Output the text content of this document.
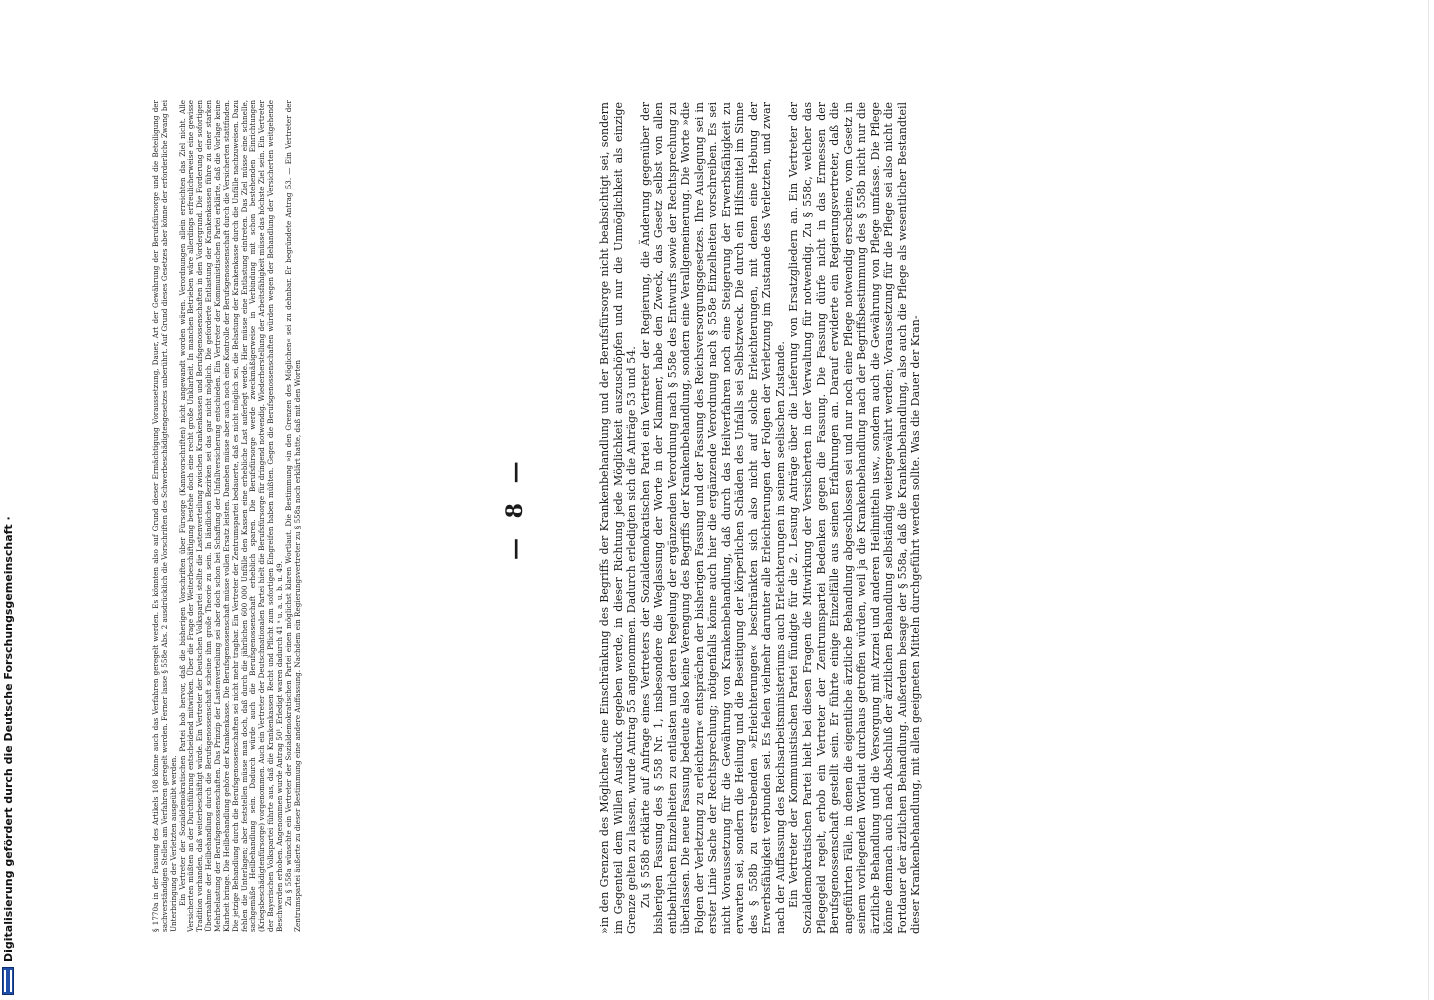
§ 1770a in der Fassung des Artikels 108 könne auch das Verfahren geregelt werden. Es könnten also auf Grund dieser Ermächtigung Voraussetzung, Dauer, Art der Gewährung der Berufsfürsorge und die Beteiligung der sachverständigen Stellen am Verfahren geregelt werden. Ferner lasse § 558e Abs. 2 ausdrücklich die Vorschriften des Schwerbeschädigtengesetzes unberührt. Auf Grund dieses Gesetzes aber könne der erforderliche Zwang bei Unterbringung der Verletzten ausgeübt werden. Ein Vertreter der Sozialdemokratischen Partei hob hervor, daß die bisherigen Vorschriften über Fürsorge (Kannvorschriften) nicht angewandt worden wären. Verordnungen allein erreichten das Ziel nicht. Alle Versicherten müßten an der Durchführung entscheidend mitwirken. Über die Frage der Weiterbeschäftigung bestehe doch eine recht große Unklarheit. In manchen Betrieben wäre allerdings erfreulicherweise eine gewisse Tradition vorhanden, daß weiterbeschäftigt würde. Ein Vertreter der Deutschen Volkspartei stellte die Lastenverteilung zwischen Krankenkassen und Berufsgenossenschaften in den Vordergrund. Die Forderung der sofortigen Übernahme der Heilbehandlung durch die Berufsgenossenschaft scheine ihm große Theorie zu sein. In ländlichen Bezirken sei das gar nicht möglich. Die geforderte Entlastung der Krankenkassen führe zu einer starken Mehrbelastung der Berufsgenossenschaften. Das Prinzip der Lastenverteilung sei aber doch schon bei Schaffung der Unfallversicherung entschieden. Ein Vertreter der Kommunistischen Partei erklärte, daß die Vorlage keine Klarheit bringe. Die Heilbehandlung gehöre der Krankenkasse. Die Berufsgenossenschaft müsse vollen Ersatz leisten. Daneben müsse aber auch noch eine Kontrolle der Berufsgenossenschaft durch die Versicherten stattfinden. Die jetzige Behandlung durch die Berufsgenossenschaften sei nicht mehr tragbar. Ein Vertreter der Zentrumspartei bedauerte, daß es nicht möglich sei, die Belastung der Krankenkasse durch die Unfälle nachzuweisen. Dazu fehlen die Unterlagen; aber feststellen müsse man doch, daß durch die jährlichen 600 000 Unfälle den Kassen eine erhebliche Last auferlegt werde. Hier müsse eine Entlastung eintreten. Das Ziel müsse eine schnelle, sachgemäße Heilbehandlung sein. Dadurch würde auch die Berufsgenossenschaft erheblich sparen. Die Berufsfürsorge werde zweckmäßigerweise in Verbindung mit schon bestehenden Einrichtungen (Kriegsbeschädigtenfürsorge) vorgenommen. Auch ein Vertreter der Deutschnationalen Partei hielt die Berufsfürsorge für dringend notwendig. Wiederherstellung der Arbeitsfähigkeit müsse das höchste Ziel sein. Ein Vertreter der Bayerischen Volkspartei führte aus, daß die Krankenkassen Recht und Pflicht zum sofortigen Eingreifen haben müßten. Gegen die Berufsgenossenschaften würden wegen der Behandlung der Versicherten weitgehende Beschwerden erhoben. Angenommen wurde Antrag 50¹. Erledigt waren dadurch 41 ᵃ u. a. u. b. u. 49. Zu § 558a wünschte ein Vertreter der Sozialdemokratischen Partei einen möglichst klaren Wortlaut. Die Bestimmung »in den Grenzen des Möglichen« sei zu dehnbar. Er begründete Antrag 53. — Ein Vertreter der Zentrumspartei äußerte zu dieser Bestimmung eine andere Auffassung. Nachdem ein Regierungsvertreter zu § 558a noch erklärt hatte, daß mit den Worten	— 8 —	»in den Grenzen des Möglichen« eine Einschränkung des Begriffs der Krankenbehandlung und der Berufsfürsorge nicht beabsichtigt sei, sondern im Gegenteil dem Willen Ausdruck gegeben werde, in dieser Richtung jede Möglichkeit auszuschöpfen und nur die Unmöglichkeit als einzige Grenze gelten zu lassen, wurde Antrag 55 angenommen. Dadurch erledigten sich die Anträge 53 und 54. Zu § 558b erklärte auf Anfrage eines Vertreters der Sozialdemokratischen Partei ein Vertreter der Regierung, die Änderung gegenüber der bisherigen Fassung des § 558 Nr. 1, insbesondere die Weglassung der Worte in der Klammer, habe den Zweck, das Gesetz selbst von allen entbehrlichen Einzelheiten zu entlasten und deren Regelung der ergänzenden Verordnung nach § 558e des Entwurfs sowie der Rechtsprechung zu überlassen. Die neue Fassung bedeute also keine Verengung des Begriffs der Krankenbehandlung, sondern eine Verallgemeinerung. Die Worte »die Folgen der Verletzung zu erleichtern« entsprächen der bisherigen Fassung und der Fassung des Reichsversorgungsgesetzes. Ihre Auslegung sei in erster Linie Sache der Rechtsprechung; nötigenfalls könne auch hier die ergänzende Verordnung nach § 558e Einzelheiten vorschreiben. Es sei nicht Voraussetzung für die Gewährung von Krankenbehandlung, daß durch das Heilverfahren noch eine Steigerung der Erwerbsfähigkeit zu erwarten sei, sondern die Heilung und die Beseitigung der körperlichen Schäden des Unfalls sei Selbstzweck. Die durch ein Hilfsmittel im Sinne des § 558b zu erstrebenden »Erleichterungen« beschränkten sich also nicht auf solche Erleichterungen, mit denen eine Hebung der Erwerbsfähigkeit verbunden sei. Es fielen vielmehr darunter alle Erleichterungen der Folgen der Verletzung im Zustande des Verletzten, und zwar nach der Auffassung des Reichsarbeitsministeriums auch Erleichterungen in seinem seelischen Zustande. Ein Vertreter der Kommunistischen Partei fündigte für die 2. Lesung Anträge über die Lieferung von Ersatzgliedern an. Ein Vertreter der Sozialdemokratischen Partei hielt bei diesen Fragen die Mitwirkung der Versicherten in der Verwaltung für notwendig. Zu § 558c, welcher das Pflegegeld regelt, erhob ein Vertreter der Zentrumspartei Bedenken gegen die Fassung. Die Fassung dürfe nicht in das Ermessen der Berufsgenossenschaft gestellt sein. Er führte einige Einzelfälle aus seinen Erfahrungen an. Darauf erwiderte ein Regierungsvertreter, daß die angeführten Fälle, in denen die eigentliche ärztliche Behandlung abgeschlossen sei und nur noch eine Pflege notwendig erscheine, vom Gesetz in seinem vorliegenden Wortlaut durchaus getroffen würden, weil ja die Krankenbehandlung nach der Begriffsbestimmung des § 558b nicht nur die ärztliche Behandlung und die Versorgung mit Arznei und anderen Heilmitteln usw., sondern auch die Gewährung von Pflege umfasse. Die Pflege könne demnach auch nach Abschluß der ärztlichen Behandlung selbständig weitergewährt werden; Voraussetzung für die Pflege sei also nicht die Fortdauer der ärztlichen Behandlung. Außerdem besage der § 558a, daß die Krankenbehandlung, also auch die Pflege als wesentlicher Bestandteil dieser Krankenbehandlung, mit allen geeigneten Mitteln durchgeführt werden sollte. Was die Dauer der Kran-

Digitalisierung gefördert durch die Deutsche Forschungsgemeinschaft ·
